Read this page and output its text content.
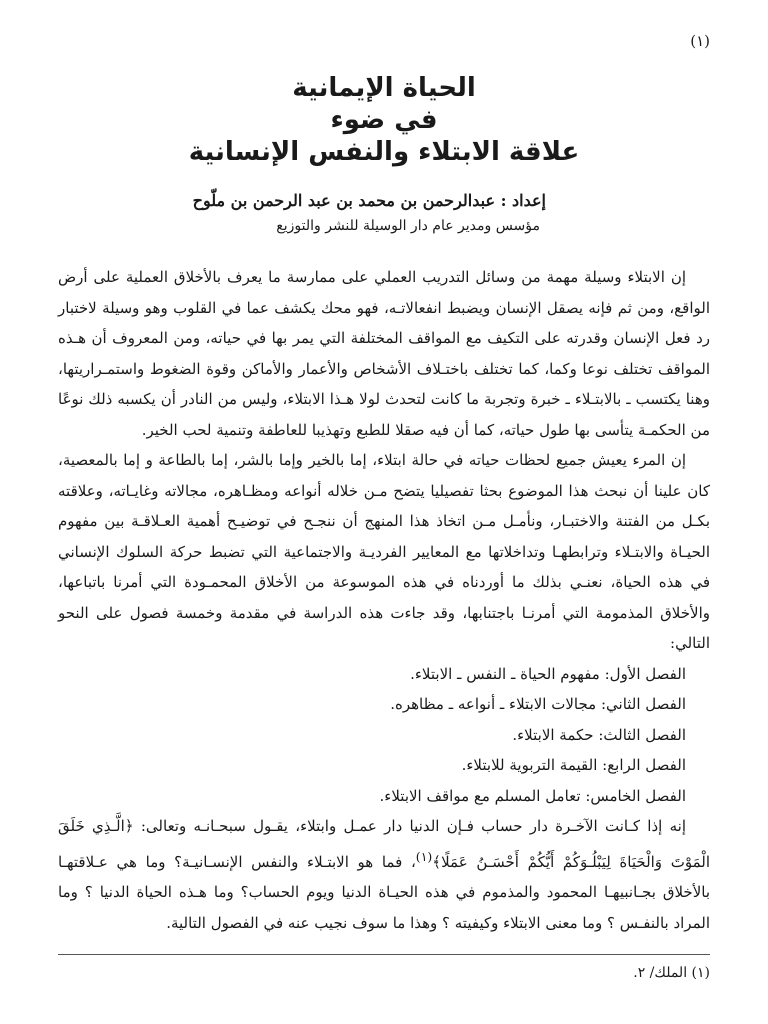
(١)

الحياة الإيمانية

في ضوء

علاقة الابتلاء والنفس الإنسانية

إعداد : عبدالرحمن بن محمد بن عبد الرحمن بن ملّوح

مؤسس ومدير عام دار الوسيلة للنشر والتوزيع

إن الابتلاء وسيلة مهمة من وسائل التدريب العملي على ممارسة ما يعرف بالأخلاق العملية على أرض الواقع، ومن ثم فإنه يصقل الإنسان ويضبط انفعالاتـه، فهو محك يكشف عما في القلوب وهو وسيلة لاختبار رد فعل الإنسان وقدرته على التكيف مع المواقف المختلفة التي يمر بها في حياته، ومن المعروف أن هـذه المواقف تختلف نوعا وكما، كما تختلف باختـلاف الأشخاص والأعمار والأماكن وقوة الضغوط واستمـراريتها، وهنا يكتسب ـ بالابتـلاء ـ خبرة وتجربة ما كانت لتحدث لولا هـذا الابتلاء، وليس من النادر أن يكسبه ذلك نوعًا من الحكمـة يتأسى بها طول حياته، كما أن فيه صقلا للطبع وتهذيبا للعاطفة وتنمية لحب الخير.

إن المرء يعيش جميع لحظات حياته في حالة ابتلاء، إما بالخير وإما بالشر، إما بالطاعة و إما بالمعصية، كان علينا أن نبحث هذا الموضوع بحثا تفصيليا يتضح مـن خلاله أنواعه ومظـاهره، مجالاته وغايـاته، وعلاقته بكـل من الفتنة والاختبـار، ونأمـل مـن اتخاذ هذا المنهج أن ننجـح في توضيـح أهمية العـلاقـة بين مفهوم الحيـاة والابتـلاء وترابطهـا وتداخلاتها مع المعايير الفرديـة والاجتماعية التي تضبط حركة السلوك الإنساني في هذه الحياة، نعنـي بذلك ما أوردناه في هذه الموسوعة من الأخلاق المحمـودة التي أمرنا باتباعها، والأخلاق المذمومة التي أمرنـا باجتنابها، وقد جاءت هذه الدراسة في مقدمة وخمسة فصول على النحو التالي:

الفصل الأول: مفهوم الحياة ـ النفس ـ الابتلاء.

الفصل الثاني: مجالات الابتلاء ـ أنواعه ـ مظاهره.

الفصل الثالث: حكمة الابتلاء.

الفصل الرابع: القيمة التربوية للابتلاء.

الفصل الخامس: تعامل المسلم مع مواقف الابتلاء.

إنه إذا كـانت الآخـرة دار حساب فـإن الدنيا دار عمـل وابتلاء، يقـول سبحـانـه وتعالى: ﴿الَّـذِي خَلَقَ الْمَوْتَ وَالْحَيَاةَ لِيَبْلُـوَكُمْ أَيُّكُمْ أَحْسَـنُ عَمَلًا﴾$^{(١)}$، فما هو الابتـلاء والنفس الإنسـانيـة؟ وما هي عـلاقتهـا بالأخلاق بجـانبيهـا المحمود والمذموم في هذه الحيـاة الدنيا ويوم الحساب؟ وما هـذه الحياة الدنيا ؟ وما المراد بالنفـس ؟ وما معنى الابتلاء وكيفيته ؟ وهذا ما سوف نجيب عنه في الفصول التالية.

(١) الملك/ ٢.
